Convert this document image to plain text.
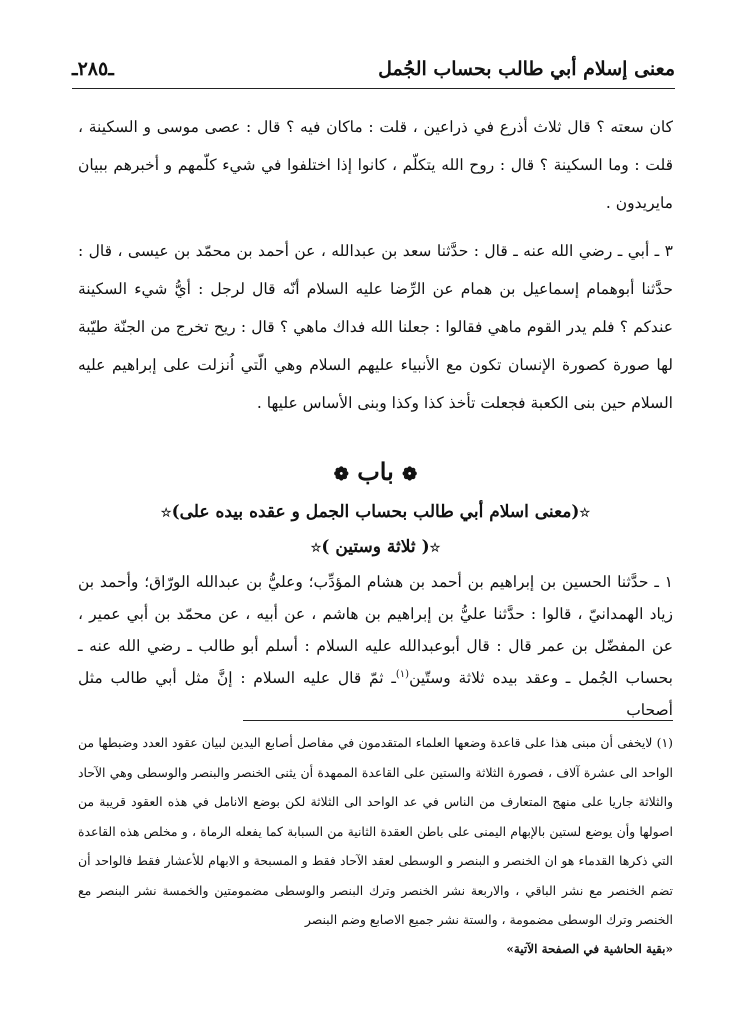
معنى إسلام أبي طالب بحساب الجُمل
ـ٢٨٥ـ

كان سعته ؟ قال ثلاث أذرع في ذراعين ، قلت : ماكان فيه ؟ قال : عصى موسى و السكينة ، قلت : وما السكينة ؟ قال : روح الله يتكلّم ، كانوا إذا اختلفوا في شيء كلّمهم و أخبرهم ببيان مايريدون .

٣ ـ أبي ـ رضي الله عنه ـ قال : حدَّثنا سعد بن عبدالله ، عن أحمد بن محمّد بن عيسى ، قال : حدَّثنا أبوهمام إسماعيل بن همام عن الرِّضا عليه السلام أنّه قال لرجل : أيُّ شيء السكينة عندكم ؟ فلم يدر القوم ماهي فقالوا : جعلنا الله فداك ماهي ؟ قال : ريح تخرج من الجنّة طيّبة لها صورة كصورة الإنسان تكون مع الأنبياء عليهم السلام وهي الّتي اُنزلت على إبراهيم عليه السلام حين بنى الكعبة فجعلت تأخذ كذا وكذا وبنى الأساس عليها .

❁ باب ❁
☆(معنى اسلام أبي طالب بحساب الجمل و عقده بيده على)☆
☆( ثلاثة وستين )☆

١ ـ حدَّثنا الحسين بن إبراهيم بن أحمد بن هشام المؤدِّب؛ وعليُّ بن عبدالله الورّاق؛ وأحمد بن زياد الهمدانيّ ، قالوا : حدَّثنا عليُّ بن إبراهيم بن هاشم ، عن أبيه ، عن محمّد بن أبي عمير ، عن المفضّل بن عمر قال : قال أبوعبدالله عليه السلام : أسلم أبو طالب ـ رضي الله عنه ـ بحساب الجُمل ـ وعقد بيده ثلاثة وستّين$^{(١)}$ـ ثمّ قال عليه السلام : إنَّ مثل أبي طالب مثل أصحاب

(١) لايخفى أن مبنى هذا على قاعدة وضعها العلماء المتقدمون في مفاصل أصابع اليدين لبيان عقود العدد وضبطها من الواحد الى عشرة آلاف ، فصورة الثلاثة والستين على القاعدة الممهدة أن يثنى الخنصر والبنصر والوسطى وهي الآحاد والثلاثة جاريا على منهج المتعارف من الناس في عد الواحد الى الثلاثة لكن بوضع الانامل في هذه العقود قريبة من اصولها وأن يوضع لستين بالإبهام اليمنى على باطن العقدة الثانية من السبابة كما يفعله الرماة ، و مخلص هذه القاعدة التي ذكرها القدماء هو ان الخنصر و البنصر و الوسطى لعقد الآحاد فقط و المسبحة و الابهام للأعشار فقط فالواحد أن تضم الخنصر مع نشر الباقي ، والاربعة نشر الخنصر وترك البنصر والوسطى مضمومتين والخمسة نشر البنصر مع الخنصر وترك الوسطى مضمومة ، والستة نشر جميع الاصابع وضم البنصر

«بقية الحاشية في الصفحة الآتية»
